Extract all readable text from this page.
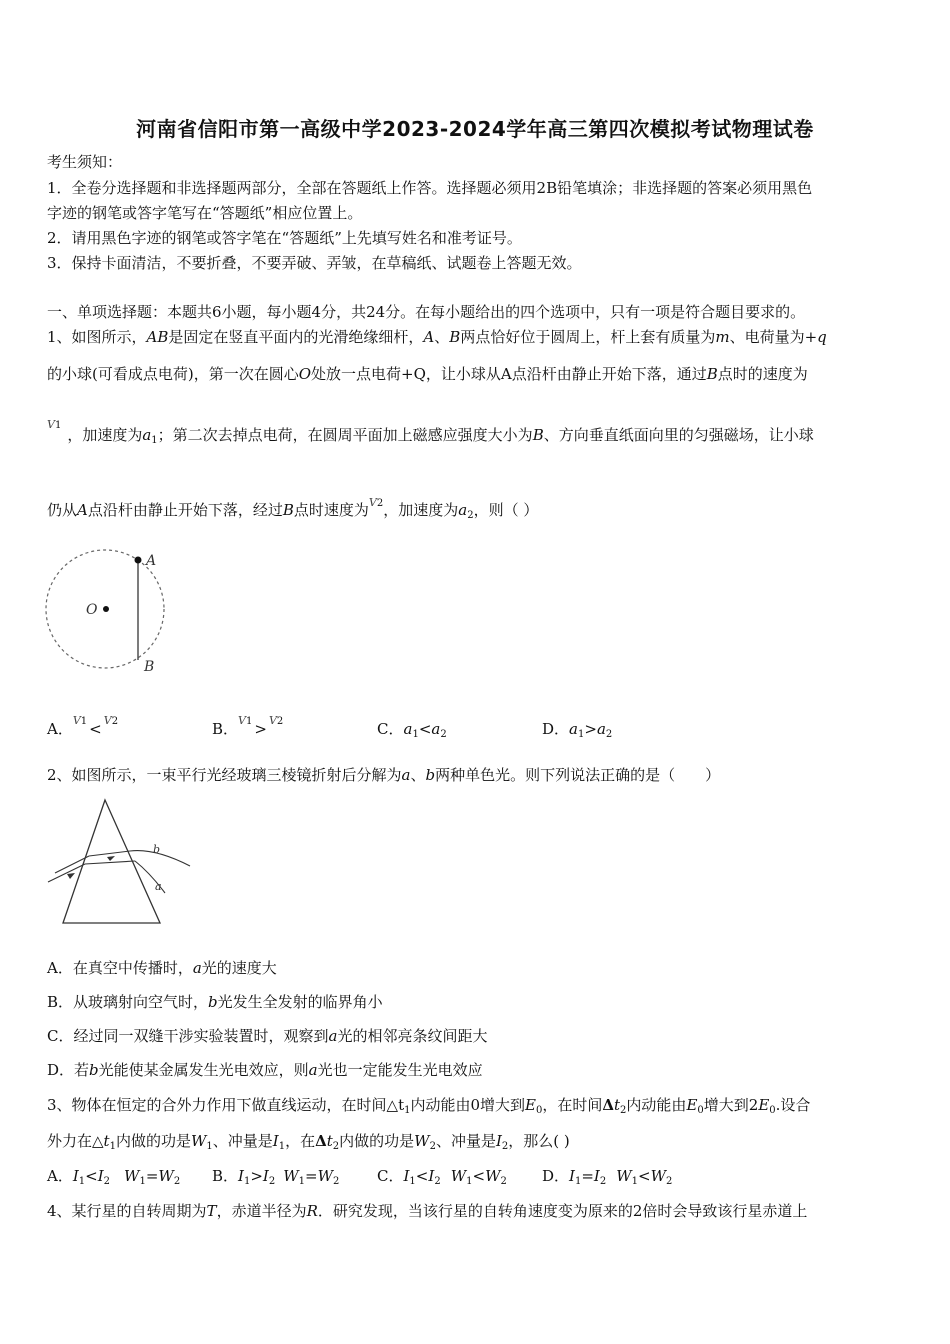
河南省信阳市第一高级中学2023-2024学年高三第四次模拟考试物理试卷
考生须知：
1．全卷分选择题和非选择题两部分，全部在答题纸上作答。选择题必须用2B铅笔填涂；非选择题的答案必须用黑色
字迹的钢笔或答字笔写在“答题纸”相应位置上。
2．请用黑色字迹的钢笔或答字笔在“答题纸”上先填写姓名和准考证号。
3．保持卡面清洁，不要折叠，不要弄破、弄皱，在草稿纸、试题卷上答题无效。
一、单项选择题：本题共6小题，每小题4分，共24分。在每小题给出的四个选项中，只有一项是符合题目要求的。
1、如图所示，AB是固定在竖直平面内的光滑绝缘细杆，A、B两点恰好位于圆周上，杆上套有质量为m、电荷量为+q
的小球(可看成点电荷)，第一次在圆心O处放一点电荷+Q，让小球从A点沿杆由静止开始下落，通过B点时的速度为
V1，加速度为$a_1$；第二次去掉点电荷，在圆周平面加上磁感应强度大小为B、方向垂直纸面向里的匀强磁场，让小球
仍从A点沿杆由静止开始下落，经过B点时速度为V2，加速度为$a_2$，则（ ）
A
B
O
A．V1 < V2	B．V1 > V2	C．$a_1<a_2$	D．$a_1>a_2$
2、如图所示，一束平行光经玻璃三棱镜折射后分解为a、b两种单色光。则下列说法正确的是（　　）
b
a
A．在真空中传播时，a光的速度大
B．从玻璃射向空气时，b光发生全发射的临界角小
C．经过同一双缝干涉实验装置时，观察到a光的相邻亮条纹间距大
D．若b光能使某金属发生光电效应，则a光也一定能发生光电效应
3、物体在恒定的合外力作用下做直线运动，在时间$\triangle t_1$内动能由0增大到$E_0$，在时间$\Delta t_2$内动能由$E_0$增大到$2E_0$.设合
外力在$\triangle t_1$内做的功是$W_1$、冲量是$I_1$，在$\Delta t_2$内做的功是$W_2$、冲量是$I_2$，那么( )
A．$I_1<I_2$ $W_1=W_2$ B．$I_1>I_2$ $W_1=W_2$	C．$I_1<I_2$ $W_1<W_2$ D．$I_1=I_2$ $W_1<W_2$
4、某行星的自转周期为T，赤道半径为R．研究发现，当该行星的自转角速度变为原来的2倍时会导致该行星赤道上
